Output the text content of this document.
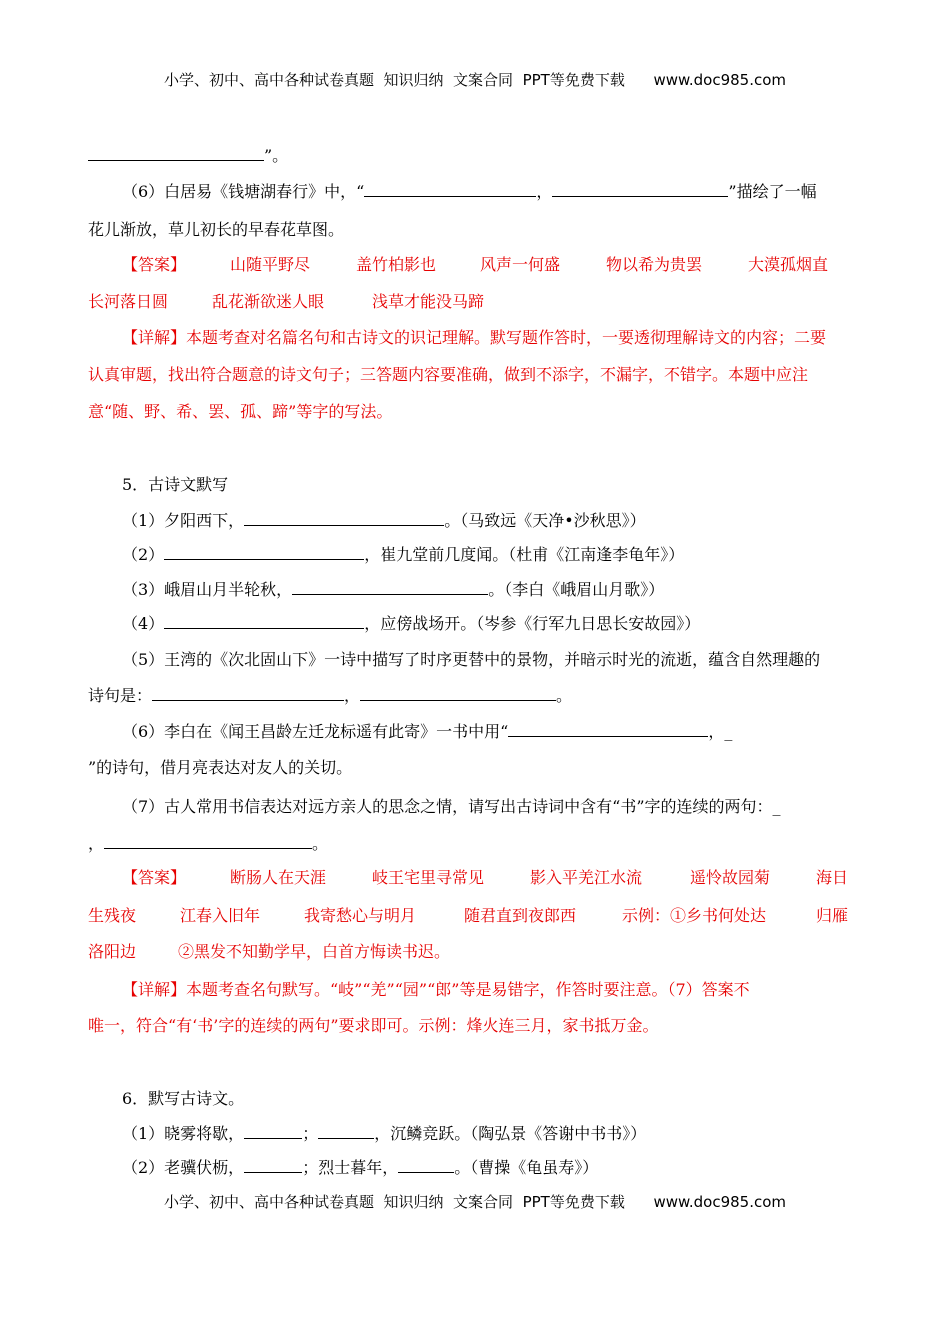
小学、初中、高中各种试卷真题  知识归纳  文案合同  PPT等免费下载      www.doc985.com
”。
（6）白居易《钱塘湖春行》中，“	，	”描绘了一幅
花儿渐放，草儿初长的早春花草图。
【答案】	山随平野尽	盖竹柏影也	风声一何盛	物以希为贵罢	大漠孤烟直
长河落日圆	乱花渐欲迷人眼	浅草才能没马蹄
【详解】本题考查对名篇名句和古诗文的识记理解。默写题作答时，一要透彻理解诗文的内容；二要
认真审题，找出符合题意的诗文句子；三答题内容要准确，做到不添字，不漏字，不错字。本题中应注
意“随、野、希、罢、孤、蹄”等字的写法。
5．古诗文默写
（1）夕阳西下，	。（马致远《天净•沙秋思》）
（2）	，崔九堂前几度闻。（杜甫《江南逢李龟年》）
（3）峨眉山月半轮秋，	。（李白《峨眉山月歌》）
（4）	，应傍战场开。（岑参《行军九日思长安故园》）
（5）王湾的《次北固山下》一诗中描写了时序更替中的景物，并暗示时光的流逝，蕴含自然理趣的
诗句是：	，	。
（6）李白在《闻王昌龄左迁龙标遥有此寄》一书中用“	，_
”的诗句，借月亮表达对友人的关切。
（7）古人常用书信表达对远方亲人的思念之情，请写出古诗词中含有“书”字的连续的两句：_
，	。
【答案】	断肠人在天涯	岐王宅里寻常见	影入平羌江水流	遥怜故园菊	海日
生残夜	江春入旧年	我寄愁心与明月	随君直到夜郎西	示例：①乡书何处达	归雁
洛阳边	②黑发不知勤学早，白首方悔读书迟。
【详解】本题考查名句默写。“岐”“羌”“园”“郎”等是易错字，作答时要注意。（7）答案不
唯一，符合“有‘书’字的连续的两句”要求即可。示例：烽火连三月，家书抵万金。
6．默写古诗文。
（1）晓雾将歇，	；	，沉鳞竞跃。（陶弘景《答谢中书书》）
（2）老骥伏枥，	；烈士暮年，	。（曹操《龟虽寿》）
小学、初中、高中各种试卷真题  知识归纳  文案合同  PPT等免费下载      www.doc985.com
